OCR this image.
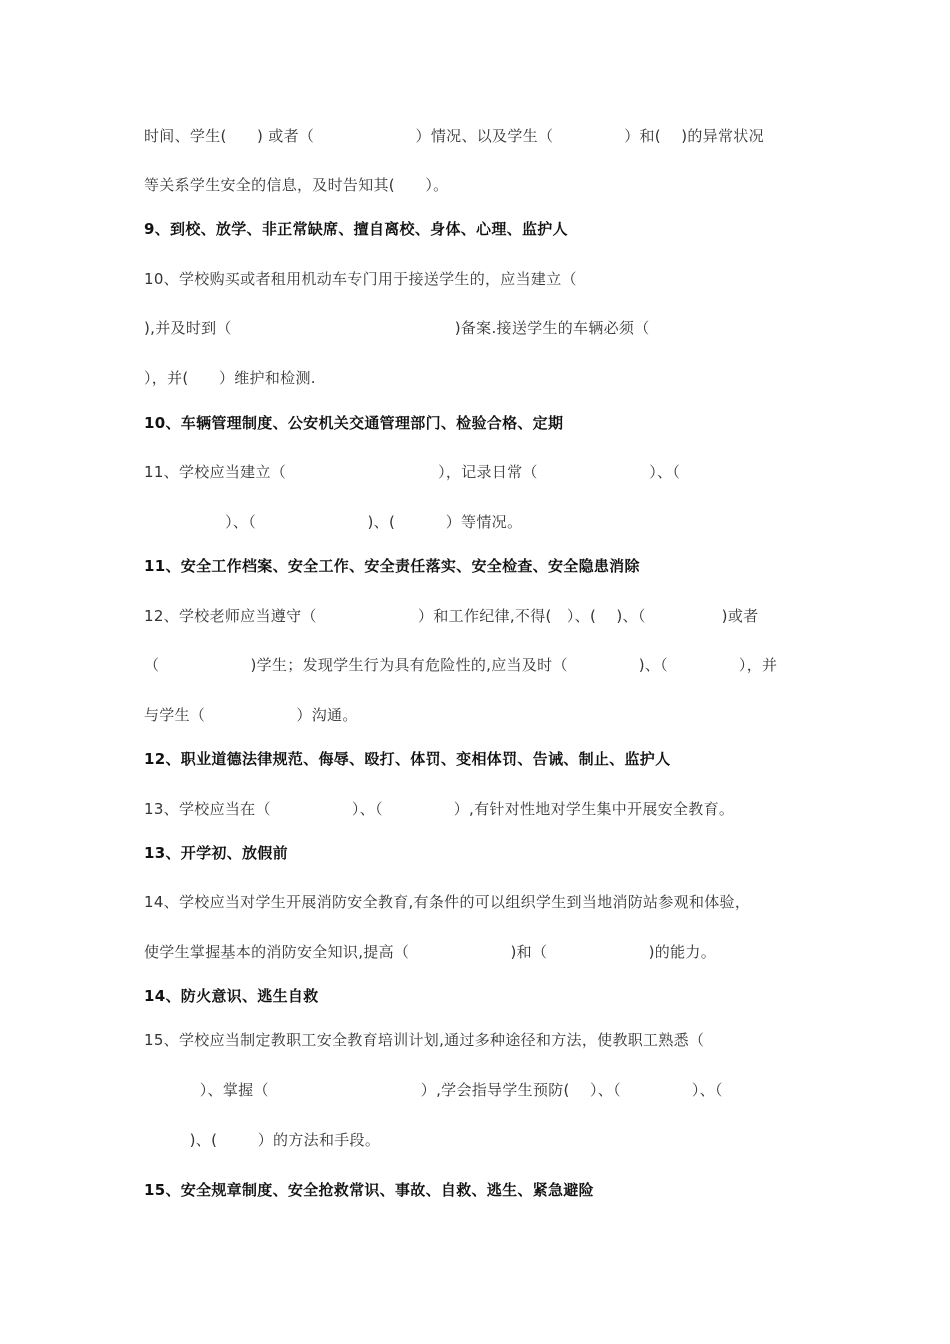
时间、学生(      ) 或者（                    ）情况、以及学生（              ）和(    )的异常状况
等关系学生安全的信息，及时告知其(      ）。
9、到校、放学、非正常缺席、擅自离校、身体、心理、监护人
10、学校购买或者租用机动车专门用于接送学生的，应当建立（
),并及时到（                                            )备案.接送学生的车辆必须（
），并(      ）维护和检测.
10、车辆管理制度、公安机关交通管理部门、检验合格、定期
11、学校应当建立（                              ），记录日常（                      ）、（
）、（                      )、(          ）等情况。
11、安全工作档案、安全工作、安全责任落实、安全检查、安全隐患消除
12、学校老师应当遵守（                    ）和工作纪律,不得(   ）、(    )、（               )或者
（                  )学生；发现学生行为具有危险性的,应当及时（              )、（              ），并
与学生（                  ）沟通。
12、职业道德法律规范、侮辱、殴打、体罚、变相体罚、告诫、制止、监护人
13、学校应当在（                ）、（              ）,有针对性地对学生集中开展安全教育。
13、开学初、放假前
14、学校应当对学生开展消防安全教育,有条件的可以组织学生到当地消防站参观和体验，
使学生掌握基本的消防安全知识,提高（                    )和（                    )的能力。
14、防火意识、逃生自救
15、学校应当制定教职工安全教育培训计划,通过多种途径和方法，使教职工熟悉（
）、掌握（                              ）,学会指导学生预防(    ）、（              ）、（
)、(        ）的方法和手段。
15、安全规章制度、安全抢救常识、事故、自救、逃生、紧急避险
